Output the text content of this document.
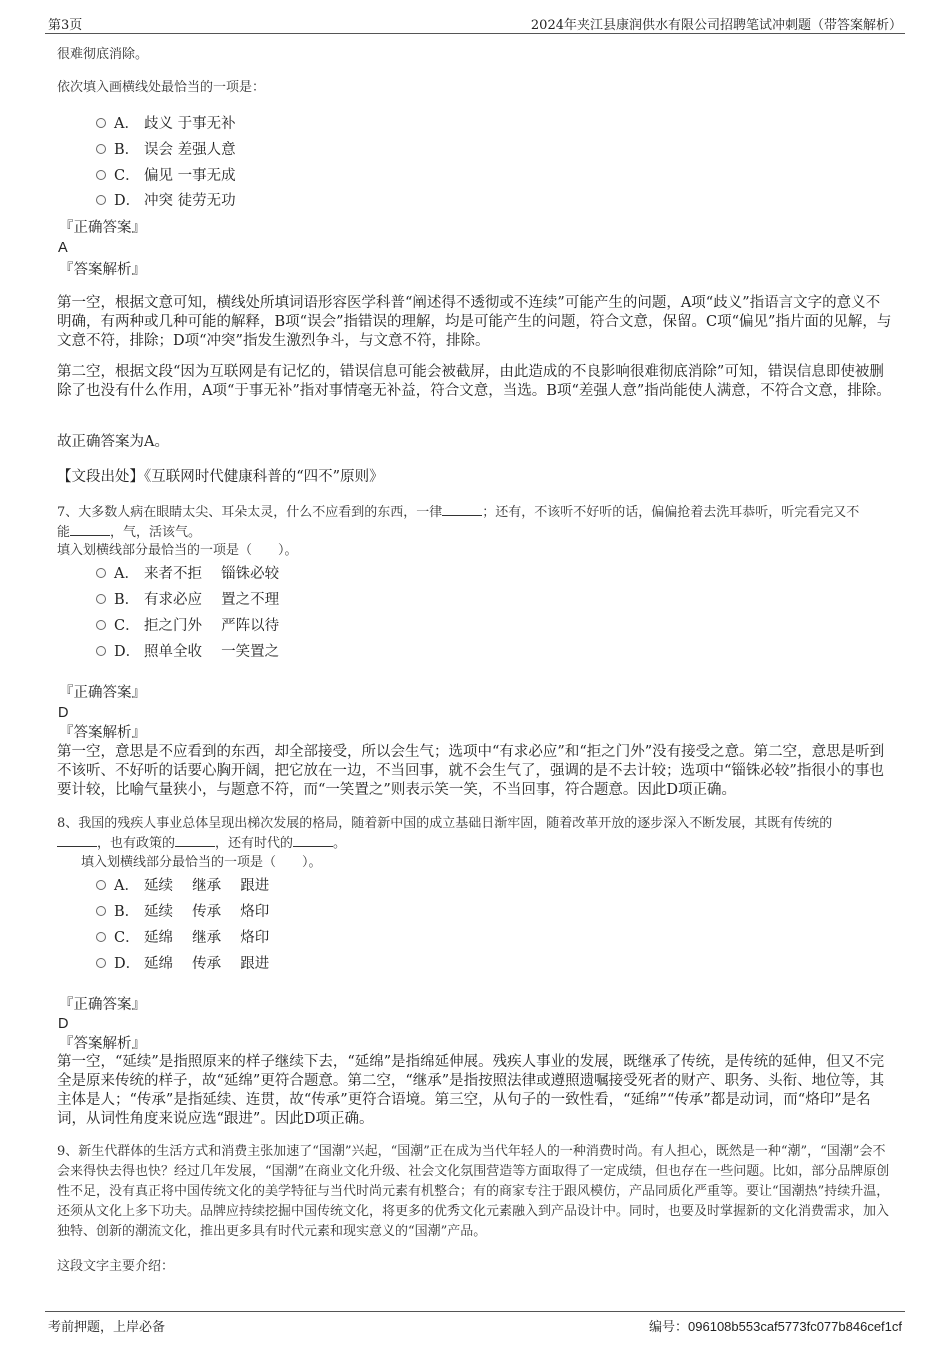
第3页	2024年夹江县康润供水有限公司招聘笔试冲刺题（带答案解析）
很难彻底消除。
依次填入画横线处最恰当的一项是：
A． 歧义 于事无补
B． 误会 差强人意
C． 偏见 一事无成
D． 冲突 徒劳无功
『正确答案』
A
『答案解析』
第一空，根据文意可知，横线处所填词语形容医学科普“阐述得不透彻或不连续”可能产生的问题，A项“歧义”指语言文字的意义不明确，有两种或几种可能的解释，B项“误会”指错误的理解，均是可能产生的问题，符合文意，保留。C项“偏见”指片面的见解，与文意不符，排除；D项“冲突”指发生激烈争斗，与文意不符，排除。
第二空，根据文段“因为互联网是有记忆的，错误信息可能会被截屏，由此造成的不良影响很难彻底消除”可知，错误信息即使被删除了也没有什么作用，A项“于事无补”指对事情毫无补益，符合文意，当选。B项“差强人意”指尚能使人满意，不符合文意，排除。
故正确答案为A。
【文段出处】《互联网时代健康科普的“四不”原则》
7、大多数人病在眼睛太尖、耳朵太灵，什么不应看到的东西，一律	；还有，不该听不好听的话，偏偏抢着去洗耳恭听，听完看完又不
能	，气，活该气。
填入划横线部分最恰当的一项是（　　）。
A． 来者不拒　 锱铢必较
B． 有求必应　 置之不理
C． 拒之门外　 严阵以待
D． 照单全收　 一笑置之
『正确答案』
D
『答案解析』
第一空，意思是不应看到的东西，却全部接受，所以会生气；选项中“有求必应”和“拒之门外”没有接受之意。第二空，意思是听到不该听、不好听的话要心胸开阔，把它放在一边，不当回事，就不会生气了，强调的是不去计较；选项中“锱铢必较”指很小的事也要计较，比喻气量狭小，与题意不符，而“一笑置之”则表示笑一笑，不当回事，符合题意。因此D项正确。
8、我国的残疾人事业总体呈现出梯次发展的格局，随着新中国的成立基础日渐牢固，随着改革开放的逐步深入不断发展，其既有传统的
，也有政策的	，还有时代的	。
填入划横线部分最恰当的一项是（　　）。
A． 延续　 继承　 跟进
B． 延续　 传承　 烙印
C． 延绵　 继承　 烙印
D． 延绵　 传承　 跟进
『正确答案』
D
『答案解析』
第一空，“延续”是指照原来的样子继续下去，“延绵”是指绵延伸展。残疾人事业的发展，既继承了传统，是传统的延伸，但又不完全是原来传统的样子，故“延绵”更符合题意。第二空，“继承”是指按照法律或遵照遗嘱接受死者的财产、职务、头衔、地位等，其主体是人；“传承”是指延续、连贯，故“传承”更符合语境。第三空，从句子的一致性看，“延绵”“传承”都是动词，而“烙印”是名词，从词性角度来说应选“跟进”。因此D项正确。
9、新生代群体的生活方式和消费主张加速了“国潮”兴起，“国潮”正在成为当代年轻人的一种消费时尚。有人担心，既然是一种“潮”，“国潮”会不会来得快去得也快？经过几年发展，“国潮”在商业文化升级、社会文化氛围营造等方面取得了一定成绩，但也存在一些问题。比如，部分品牌原创性不足，没有真正将中国传统文化的美学特征与当代时尚元素有机整合；有的商家专注于跟风模仿，产品同质化严重等。要让“国潮热”持续升温，还须从文化上多下功夫。品牌应持续挖掘中国传统文化，将更多的优秀文化元素融入到产品设计中。同时，也要及时掌握新的文化消费需求，加入独特、创新的潮流文化，推出更多具有时代元素和现实意义的“国潮”产品。
这段文字主要介绍：
考前押题，上岸必备	编号：096108b553caf5773fc077b846cef1cf
